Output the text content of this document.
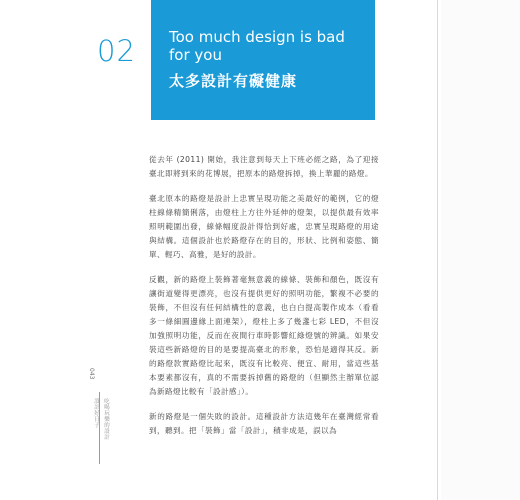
02 Too much design is bad for you
太多設計有礙健康

從去年 (2011) 開始，我注意到每天上下班必經之路，為了迎接臺北即將到來的花博展，把原本的路燈拆掉，換上華麗的路燈。

臺北原本的路燈是設計上忠實呈現功能之美最好的範例，它的燈柱線條精簡俐落，由燈柱上方往外延伸的燈架，以提供最有效率照明範圍出發，線條幅度設計得恰到好處，忠實呈現路燈的用途與結構。這個設計也於路燈存在的目的，形狀、比例和姿態、簡單、輕巧、高雅，是好的設計。

反觀，新的路燈上裝飾著毫無意義的線條、裝飾和顏色，既沒有讓街道變得更漂亮，也沒有提供更好的照明功能，繁複不必要的裝飾，不但沒有任何結構性的意義，也白白提高製作成本（看看多一條細圓邊緣上面連架），燈柱上多了幾盞七彩 LED，不但沒加強照明功能，反而在夜間行車時影響紅綠燈號的辨識。如果安裝這些新路燈的目的是要提高臺北的形象，恐怕是適得其反。新的路燈款實路燈比起來，既沒有比較亮、便宜、耐用，當這些基本要素都沒有，真的不需要拆掉舊的路燈的（但顯然主辦單位認為新路燈比較有「設計感」）。

新的路燈是一個失敗的設計。這種設計方法這幾年在臺灣經常看到，聽到。把「裝飾」當「設計」，積非成是，誤以為

043
設計好日子 吃喝玩樂的設計
